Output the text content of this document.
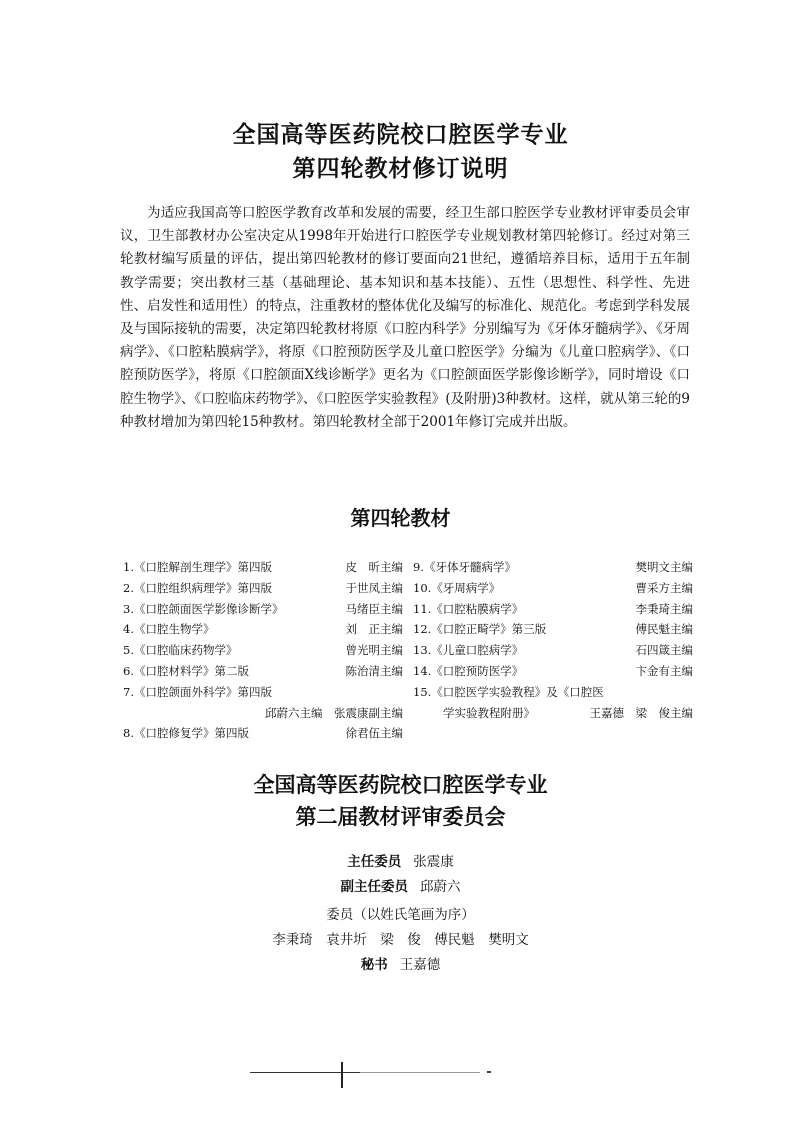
全国高等医药院校口腔医学专业
第四轮教材修订说明

为适应我国高等口腔医学教育改革和发展的需要，经卫生部口腔医学专业教材评审委员会审议，卫生部教材办公室决定从1998年开始进行口腔医学专业规划教材第四轮修订。经过对第三轮教材编写质量的评估，提出第四轮教材的修订要面向21世纪，遵循培养目标，适用于五年制教学需要；突出教材三基（基础理论、基本知识和基本技能）、五性（思想性、科学性、先进性、启发性和适用性）的特点，注重教材的整体优化及编写的标准化、规范化。考虑到学科发展及与国际接轨的需要，决定第四轮教材将原《口腔内科学》分别编写为《牙体牙髓病学》、《牙周病学》、《口腔粘膜病学》，将原《口腔预防医学及儿童口腔医学》分编为《儿童口腔病学》、《口腔预防医学》，将原《口腔颌面X线诊断学》更名为《口腔颌面医学影像诊断学》，同时增设《口腔生物学》、《口腔临床药物学》、《口腔医学实验教程》(及附册)3种教材。这样，就从第三轮的9种教材增加为第四轮15种教材。第四轮教材全部于2001年修订完成并出版。

第四轮教材
1.《口腔解剖生理学》第四版	皮　昕主编
2.《口腔组织病理学》第四版	于世凤主编
3.《口腔颌面医学影像诊断学》	马绪臣主编
4.《口腔生物学》	刘　正主编
5.《口腔临床药物学》	曾光明主编
6.《口腔材料学》第二版	陈治清主编
7.《口腔颌面外科学》第四版
邱蔚六主编　张震康副主编
8.《口腔修复学》第四版	徐君伍主编
9.《牙体牙髓病学》	樊明文主编
10.《牙周病学》	曹采方主编
11.《口腔粘膜病学》	李秉琦主编
12.《口腔正畸学》第三版	傅民魁主编
13.《儿童口腔病学》	石四箴主编
14.《口腔预防医学》	卞金有主编
15.《口腔医学实验教程》及《口腔医
学实验教程附册》	王嘉德　梁　俊主编
全国高等医药院校口腔医学专业
第二届教材评审委员会
主任委员 张震康
副主任委员 邱蔚六
委员（以姓氏笔画为序）
李秉琦　袁井圻　梁　俊　傅民魁　樊明文
秘书 王嘉德
